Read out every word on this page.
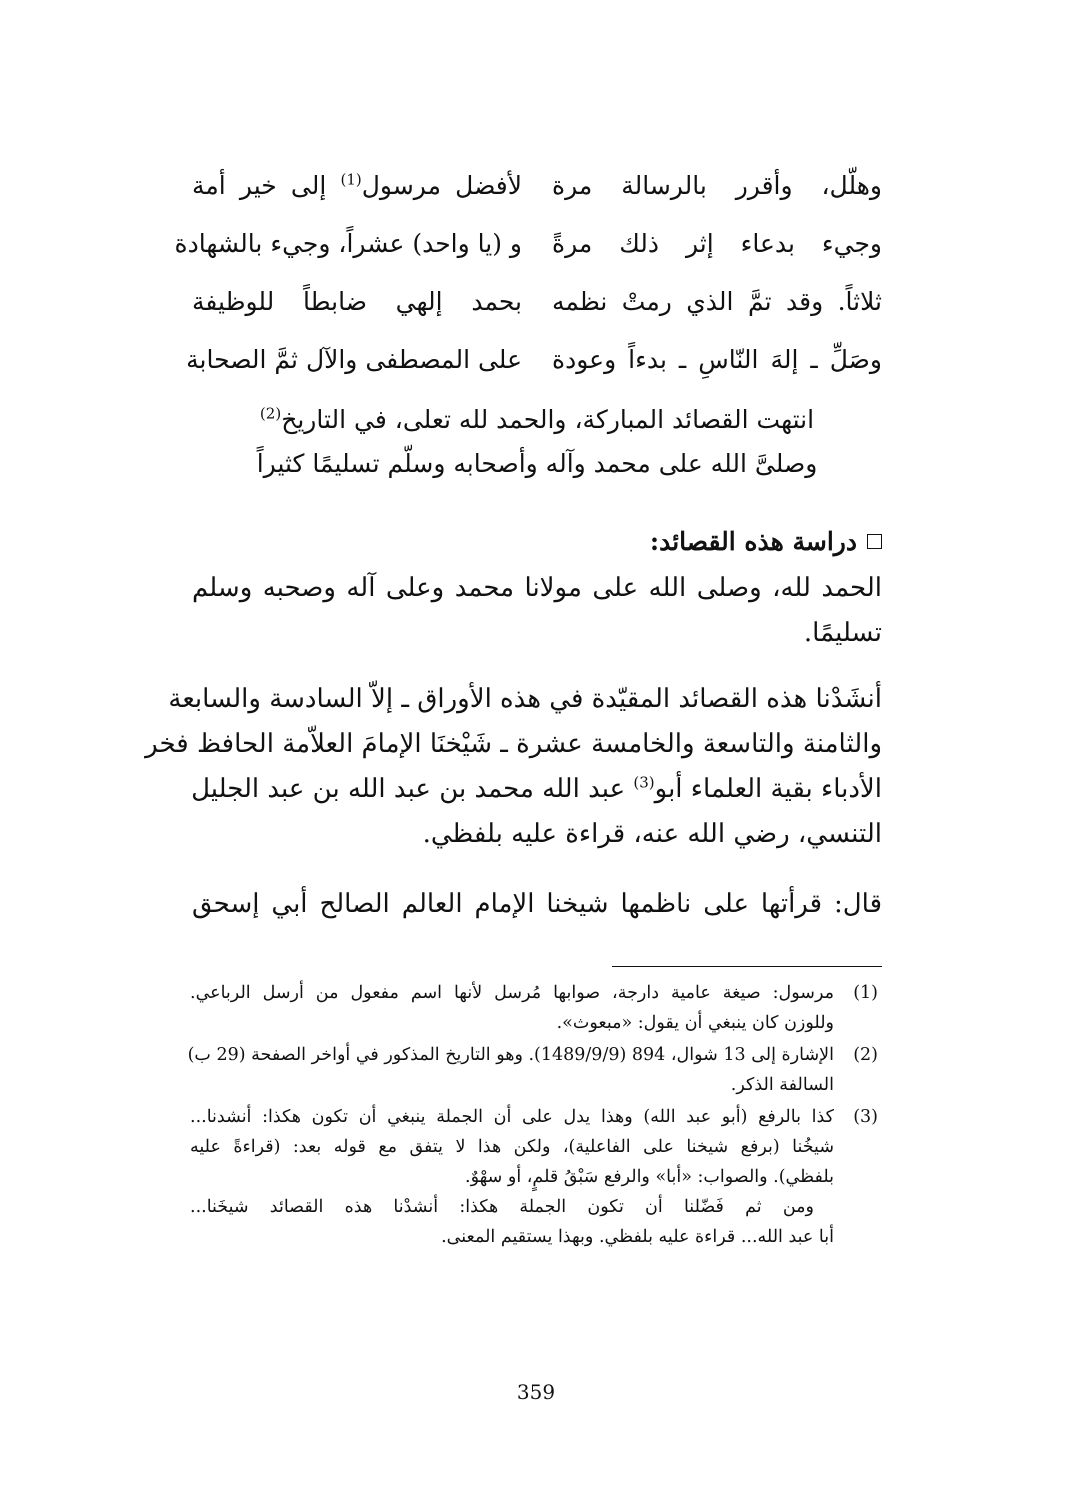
وهلّل، وأقرر بالرسالة مرة
لأفضل مرسول$^{(1)}$ إلى خير أمة
وجيء بدعاء إثر ذلك مرةً
و (يا واحد) عشراً، وجيء بالشهادة
ثلاثاً. وقد تمَّ الذي رمتْ نظمه
بحمد إلهي ضابطاً للوظيفة
وصَلِّ ـ إلهَ النّاسِ ـ بدءاً وعودة
على المصطفى والآل ثمَّ الصحابة
انتهت القصائد المباركة، والحمد لله تعلى، في التاريخ$^{(2)}$
وصلىَّ الله على محمد وآله وأصحابه وسلّم تسليمًا كثيراً
دراسة هذه القصائد:
الحمد لله، وصلى الله على مولانا محمد وعلى آله وصحبه وسلم
تسليمًا.
أنشَدْنا هذه القصائد المقيّدة في هذه الأوراق ـ إلاّ السادسة والسابعة
والثامنة والتاسعة والخامسة عشرة ـ شَيْخنَا الإمامَ العلاّمة الحافظ فخر
الأدباء بقية العلماء أبو$^{(3)}$ عبد الله محمد بن عبد الله بن عبد الجليل
التنسي، رضي الله عنه، قراءة عليه بلفظي.
قال: قرأتها على ناظمها شيخنا الإمام العالم الصالح أبي إسحق
(1)
مرسول: صيغة عامية دارجة، صوابها مُرسل لأنها اسم مفعول من أرسل الرباعي.
وللوزن كان ينبغي أن يقول: «مبعوث».
(2)
الإشارة إلى 13 شوال، 894 (1489/9/9). وهو التاريخ المذكور في أواخر الصفحة (29 ب)
السالفة الذكر.
(3)
كذا بالرفع (أبو عبد الله) وهذا يدل على أن الجملة ينبغي أن تكون هكذا: أنشدنا...
شيخُنا (برفع شيخنا على الفاعلية)، ولكن هذا لا يتفق مع قوله بعد: (قراءةً عليه
بلفظي). والصواب: «أبا» والرفع سَبْقُ قلمٍ، أو سهْوٌ.
ومن ثم فَضّلنا أن تكون الجملة هكذا: أنشدْنا هذه القصائد شيخَنا...
أبا عبد الله... قراءة عليه بلفظي. وبهذا يستقيم المعنى.
359
